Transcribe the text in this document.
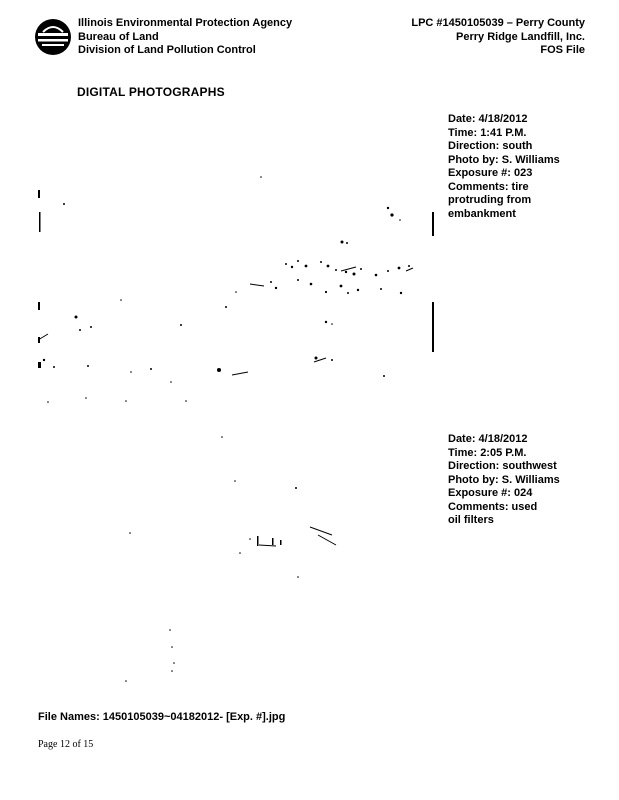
Illinois Environmental Protection Agency
Bureau of Land
Division of Land Pollution Control
LPC #1450105039 – Perry County
Perry Ridge Landfill, Inc.
FOS File
DIGITAL PHOTOGRAPHS
Date: 4/18/2012
Time: 1:41 P.M.
Direction: south
Photo by: S. Williams
Exposure #: 023
Comments: tire protruding from embankment
Date: 4/18/2012
Time: 2:05 P.M.
Direction: southwest
Photo by: S. Williams
Exposure #: 024
Comments: used oil filters
File Names: 1450105039~04182012- [Exp. #].jpg
Page 12 of 15
